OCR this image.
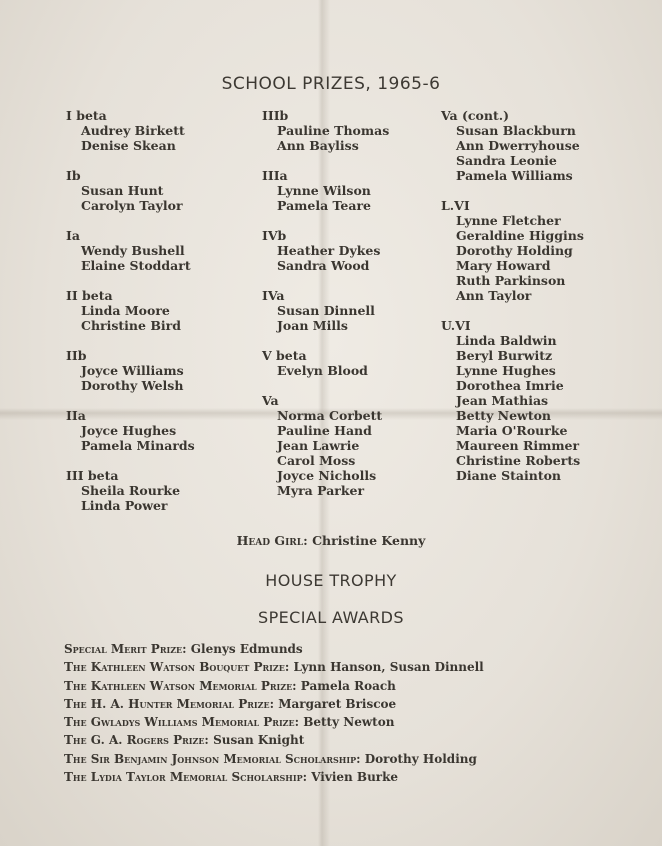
SCHOOL PRIZES, 1965-6
I beta
Audrey Birkett
Denise Skean
Ib
Susan Hunt
Carolyn Taylor
Ia
Wendy Bushell
Elaine Stoddart
II beta
Linda Moore
Christine Bird
IIb
Joyce Williams
Dorothy Welsh
IIa
Joyce Hughes
Pamela Minards
III beta
Sheila Rourke
Linda Power
IIIb
Pauline Thomas
Ann Bayliss
IIIa
Lynne Wilson
Pamela Teare
IVb
Heather Dykes
Sandra Wood
IVa
Susan Dinnell
Joan Mills
V beta
Evelyn Blood
Va
Norma Corbett
Pauline Hand
Jean Lawrie
Carol Moss
Joyce Nicholls
Myra Parker
Va (cont.)
Susan Blackburn
Ann Dwerryhouse
Sandra Leonie
Pamela Williams
L.VI
Lynne Fletcher
Geraldine Higgins
Dorothy Holding
Mary Howard
Ruth Parkinson
Ann Taylor
U.VI
Linda Baldwin
Beryl Burwitz
Lynne Hughes
Dorothea Imrie
Jean Mathias
Betty Newton
Maria O'Rourke
Maureen Rimmer
Christine Roberts
Diane Stainton
Head Girl: Christine Kenny
HOUSE TROPHY
SPECIAL AWARDS
Special Merit Prize: Glenys Edmunds
The Kathleen Watson Bouquet Prize: Lynn Hanson, Susan Dinnell
The Kathleen Watson Memorial Prize: Pamela Roach
The H. A. Hunter Memorial Prize: Margaret Briscoe
The Gwladys Williams Memorial Prize: Betty Newton
The G. A. Rogers Prize: Susan Knight
The Sir Benjamin Johnson Memorial Scholarship: Dorothy Holding
The Lydia Taylor Memorial Scholarship: Vivien Burke
